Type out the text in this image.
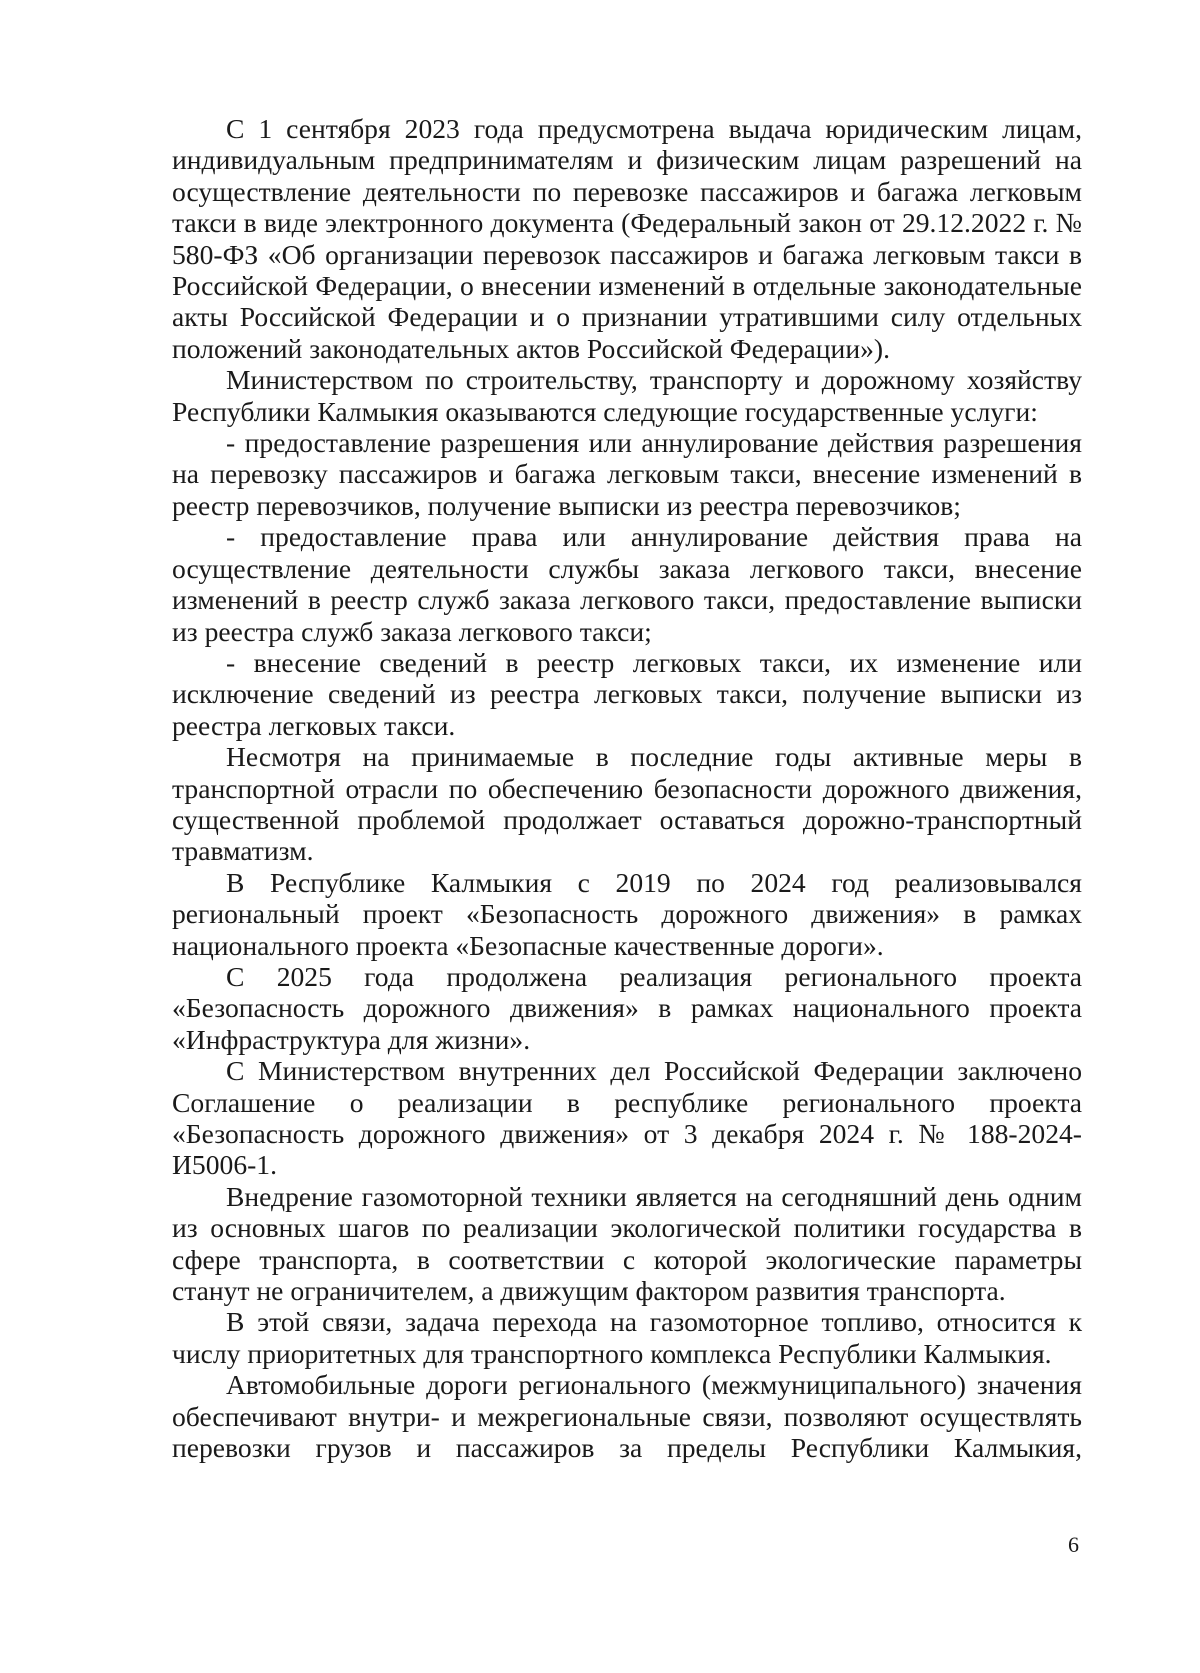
С 1 сентября 2023 года предусмотрена выдача юридическим лицам, индивидуальным предпринимателям и физическим лицам разрешений на осуществление деятельности по перевозке пассажиров и багажа легковым такси в виде электронного документа (Федеральный закон от 29.12.2022 г. № 580-ФЗ «Об организации перевозок пассажиров и багажа легковым такси в Российской Федерации, о внесении изменений в отдельные законодательные акты Российской Федерации и о признании утратившими силу отдельных положений законодательных актов Российской Федерации»).

Министерством по строительству, транспорту и дорожному хозяйству Республики Калмыкия оказываются следующие государственные услуги:

- предоставление разрешения или аннулирование действия разрешения на перевозку пассажиров и багажа легковым такси, внесение изменений в реестр перевозчиков, получение выписки из реестра перевозчиков;

- предоставление права или аннулирование действия права на осуществление деятельности службы заказа легкового такси, внесение изменений в реестр служб заказа легкового такси, предоставление выписки из реестра служб заказа легкового такси;

- внесение сведений в реестр легковых такси, их изменение или исключение сведений из реестра легковых такси, получение выписки из реестра легковых такси.

Несмотря на принимаемые в последние годы активные меры в транспортной отрасли по обеспечению безопасности дорожного движения, существенной проблемой продолжает оставаться дорожно-транспортный травматизм.

В Республике Калмыкия с 2019 по 2024 год реализовывался региональный проект «Безопасность дорожного движения» в рамках национального проекта «Безопасные качественные дороги».

С 2025 года продолжена реализация регионального проекта «Безопасность дорожного движения» в рамках национального проекта «Инфраструктура для жизни».

С Министерством внутренних дел Российской Федерации заключено Соглашение о реализации в республике регионального проекта «Безопасность дорожного движения» от 3 декабря 2024 г. № 188-2024-И5006-1.

Внедрение газомоторной техники является на сегодняшний день одним из основных шагов по реализации экологической политики государства в сфере транспорта, в соответствии с которой экологические параметры станут не ограничителем, а движущим фактором развития транспорта.

В этой связи, задача перехода на газомоторное топливо, относится к числу приоритетных для транспортного комплекса Республики Калмыкия.

Автомобильные дороги регионального (межмуниципального) значения обеспечивают внутри- и межрегиональные связи, позволяют осуществлять перевозки грузов и пассажиров за пределы Республики Калмыкия,

6
